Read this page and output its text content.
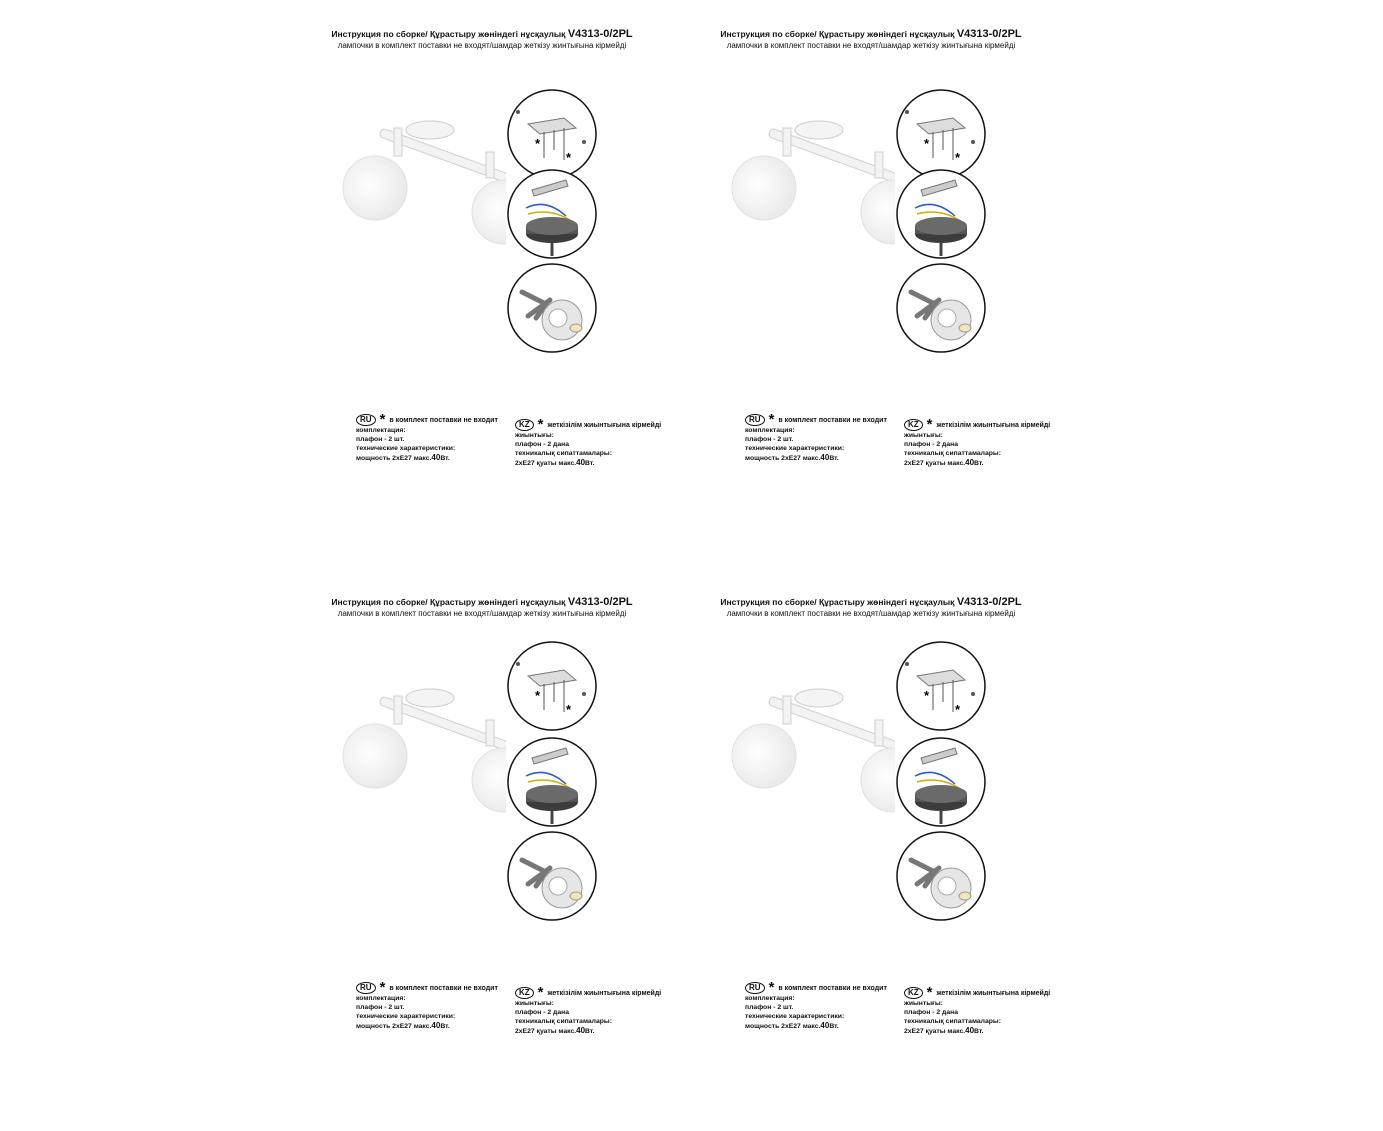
Инструкция по сборке/ Құрастыру жөніндегі нұсқаулық V4313-0/2PL
лампочки в комплект поставки не входят/шамдар жеткізу жинтығына кірмейді
*
*
RU * в комплект поставки не входит
комплектация:
плафон - 2 шт.
технические характеристики:
мощность 2xE27 макс.40Вт.
KZ * жеткізілім жиынтығына кірмейді
жиынтығы:
плафон - 2 дана
техникалық сипаттамалары:
2xE27 қуаты макс.40Вт.
Инструкция по сборке/ Құрастыру жөніндегі нұсқаулық V4313-0/2PL
лампочки в комплект поставки не входят/шамдар жеткізу жинтығына кірмейді
*
*
RU * в комплект поставки не входит
комплектация:
плафон - 2 шт.
технические характеристики:
мощность 2xE27 макс.40Вт.
KZ * жеткізілім жиынтығына кірмейді
жиынтығы:
плафон - 2 дана
техникалық сипаттамалары:
2xE27 қуаты макс.40Вт.
Инструкция по сборке/ Құрастыру жөніндегі нұсқаулық V4313-0/2PL
лампочки в комплект поставки не входят/шамдар жеткізу жинтығына кірмейді
*
*
RU * в комплект поставки не входит
комплектация:
плафон - 2 шт.
технические характеристики:
мощность 2xE27 макс.40Вт.
KZ * жеткізілім жиынтығына кірмейді
жиынтығы:
плафон - 2 дана
техникалық сипаттамалары:
2xE27 қуаты макс.40Вт.
Инструкция по сборке/ Құрастыру жөніндегі нұсқаулық V4313-0/2PL
лампочки в комплект поставки не входят/шамдар жеткізу жинтығына кірмейді
*
*
RU * в комплект поставки не входит
комплектация:
плафон - 2 шт.
технические характеристики:
мощность 2xE27 макс.40Вт.
KZ * жеткізілім жиынтығына кірмейді
жиынтығы:
плафон - 2 дана
техникалық сипаттамалары:
2xE27 қуаты макс.40Вт.
